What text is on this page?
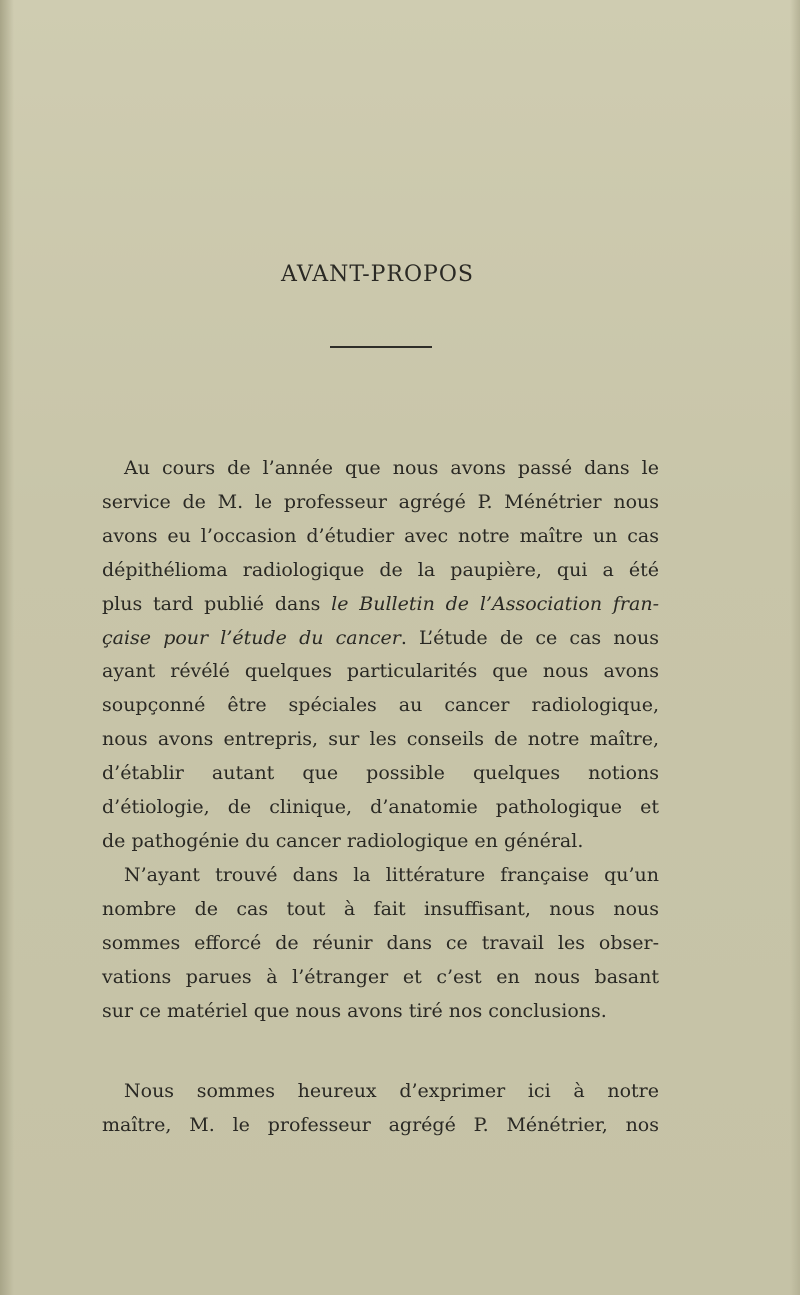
AVANT-PROPOS
Au cours de l’année que nous avons passé dans le
service de M. le professeur agrégé P. Ménétrier nous
avons eu l’occasion d’étudier avec notre maître un cas
dépithélioma radiologique de la paupière, qui a été
plus tard publié dans le Bulletin de l’Association fran-
çaise pour l’étude du cancer. L’étude de ce cas nous
ayant révélé quelques particularités que nous avons
soupçonné être spéciales au cancer radiologique,
nous avons entrepris, sur les conseils de notre maître,
d’établir autant que possible quelques notions
d’étiologie, de clinique, d’anatomie pathologique et
de pathogénie du cancer radiologique en général.
N’ayant trouvé dans la littérature française qu’un
nombre de cas tout à fait insuffisant, nous nous
sommes efforcé de réunir dans ce travail les obser-
vations parues à l’étranger et c’est en nous basant
sur ce matériel que nous avons tiré nos conclusions.
Nous sommes heureux d’exprimer ici à notre
maître, M. le professeur agrégé P. Ménétrier, nos
